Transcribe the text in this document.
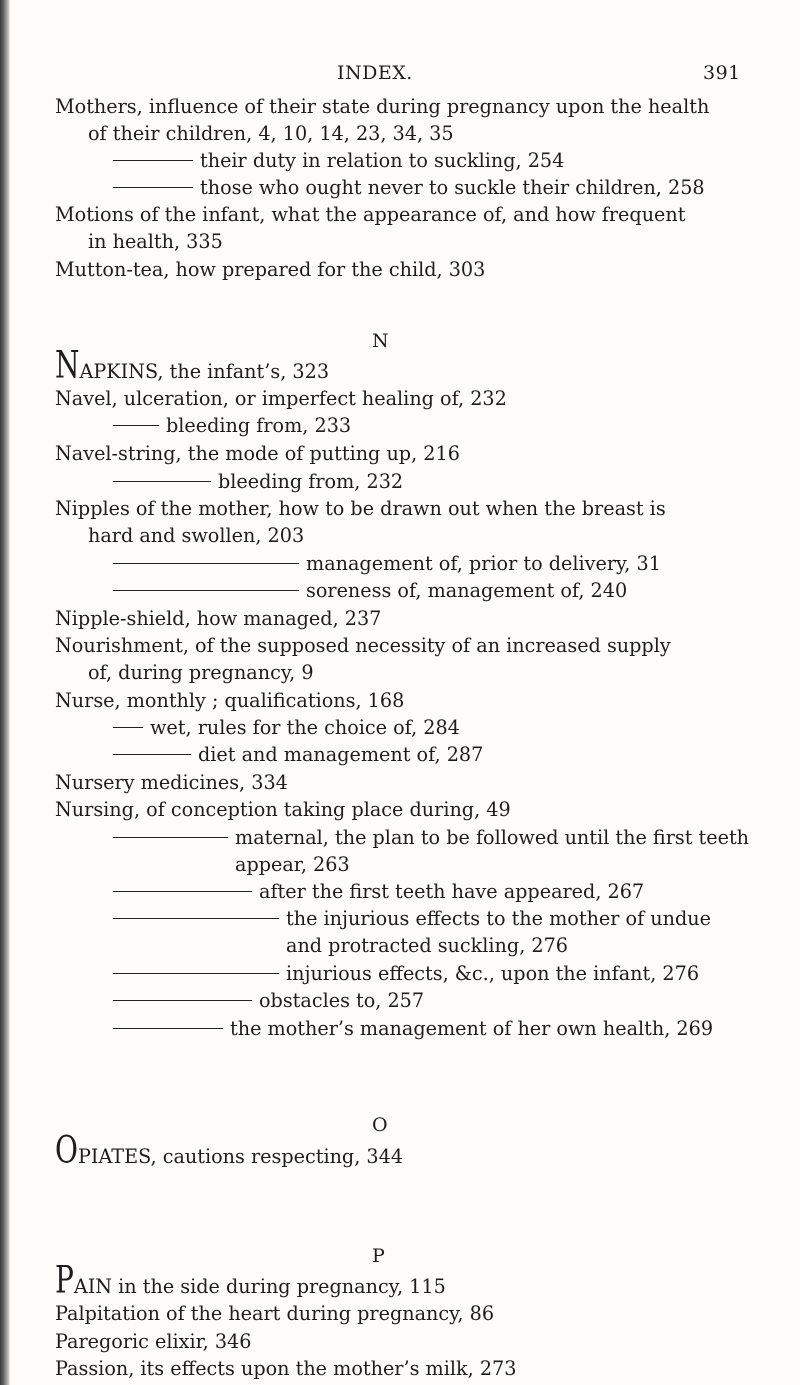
INDEX.	391
Mothers, influence of their state during pregnancy upon the health
of their children, 4, 10, 14, 23, 34, 35
their duty in relation to suckling, 254
those who ought never to suckle their children, 258
Motions of the infant, what the appearance of, and how frequent
in health, 335
Mutton-tea, how prepared for the child, 303
N
NAPKINS, the infant’s, 323
Navel, ulceration, or imperfect healing of, 232
bleeding from, 233
Navel-string, the mode of putting up, 216
bleeding from, 232
Nipples of the mother, how to be drawn out when the breast is
hard and swollen, 203
management of, prior to delivery, 31
soreness of, management of, 240
Nipple-shield, how managed, 237
Nourishment, of the supposed necessity of an increased supply
of, during pregnancy, 9
Nurse, monthly ; qualifications, 168
wet, rules for the choice of, 284
diet and management of, 287
Nursery medicines, 334
Nursing, of conception taking place during, 49
maternal, the plan to be followed until the first teeth
appear, 263
after the first teeth have appeared, 267
the injurious effects to the mother of undue
and protracted suckling, 276
injurious effects, &c., upon the infant, 276
obstacles to, 257
the mother’s management of her own health, 269
O
OPIATES, cautions respecting, 344
P
PAIN in the side during pregnancy, 115
Palpitation of the heart during pregnancy, 86
Paregoric elixir, 346
Passion, its effects upon the mother’s milk, 273
